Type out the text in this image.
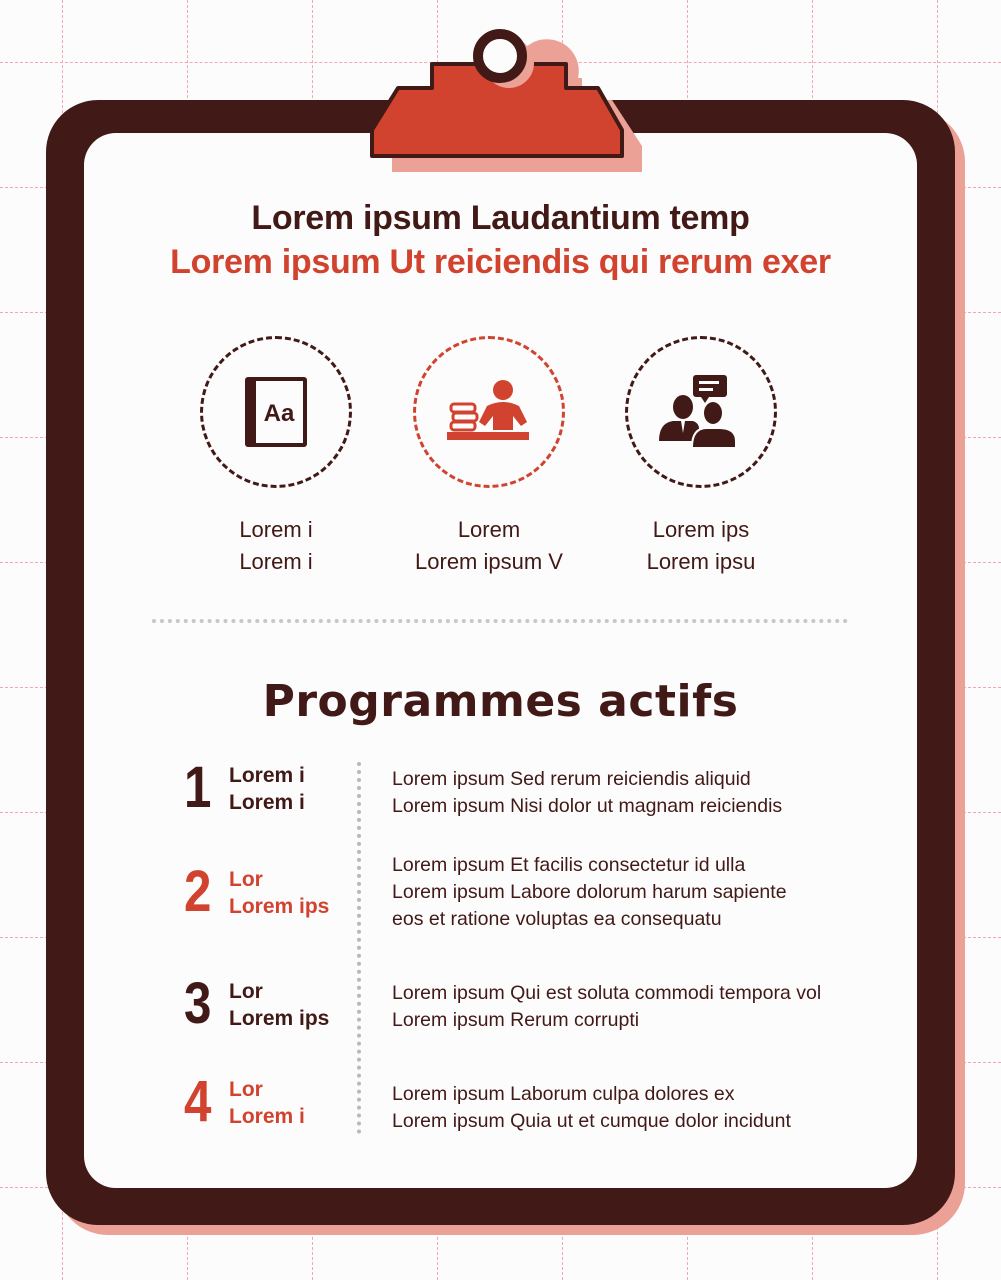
Lorem ipsum Laudantium temp
Lorem ipsum Ut reiciendis qui rerum exer
Aa
Lorem i
Lorem i
Lorem
Lorem ipsum V
Lorem ips
Lorem ipsu
Programmes actifs
1 Lorem i
Lorem i
Lorem ipsum Sed rerum reiciendis aliquid
Lorem ipsum Nisi dolor ut magnam reiciendis
2 Lor
Lorem ips
Lorem ipsum Et facilis consectetur id ulla
Lorem ipsum Labore dolorum harum sapiente
eos et ratione voluptas ea consequatu
3 Lor
Lorem ips
Lorem ipsum Qui est soluta commodi tempora vol
Lorem ipsum Rerum corrupti
4 Lor
Lorem i
Lorem ipsum Laborum culpa dolores ex
Lorem ipsum Quia ut et cumque dolor incidunt
